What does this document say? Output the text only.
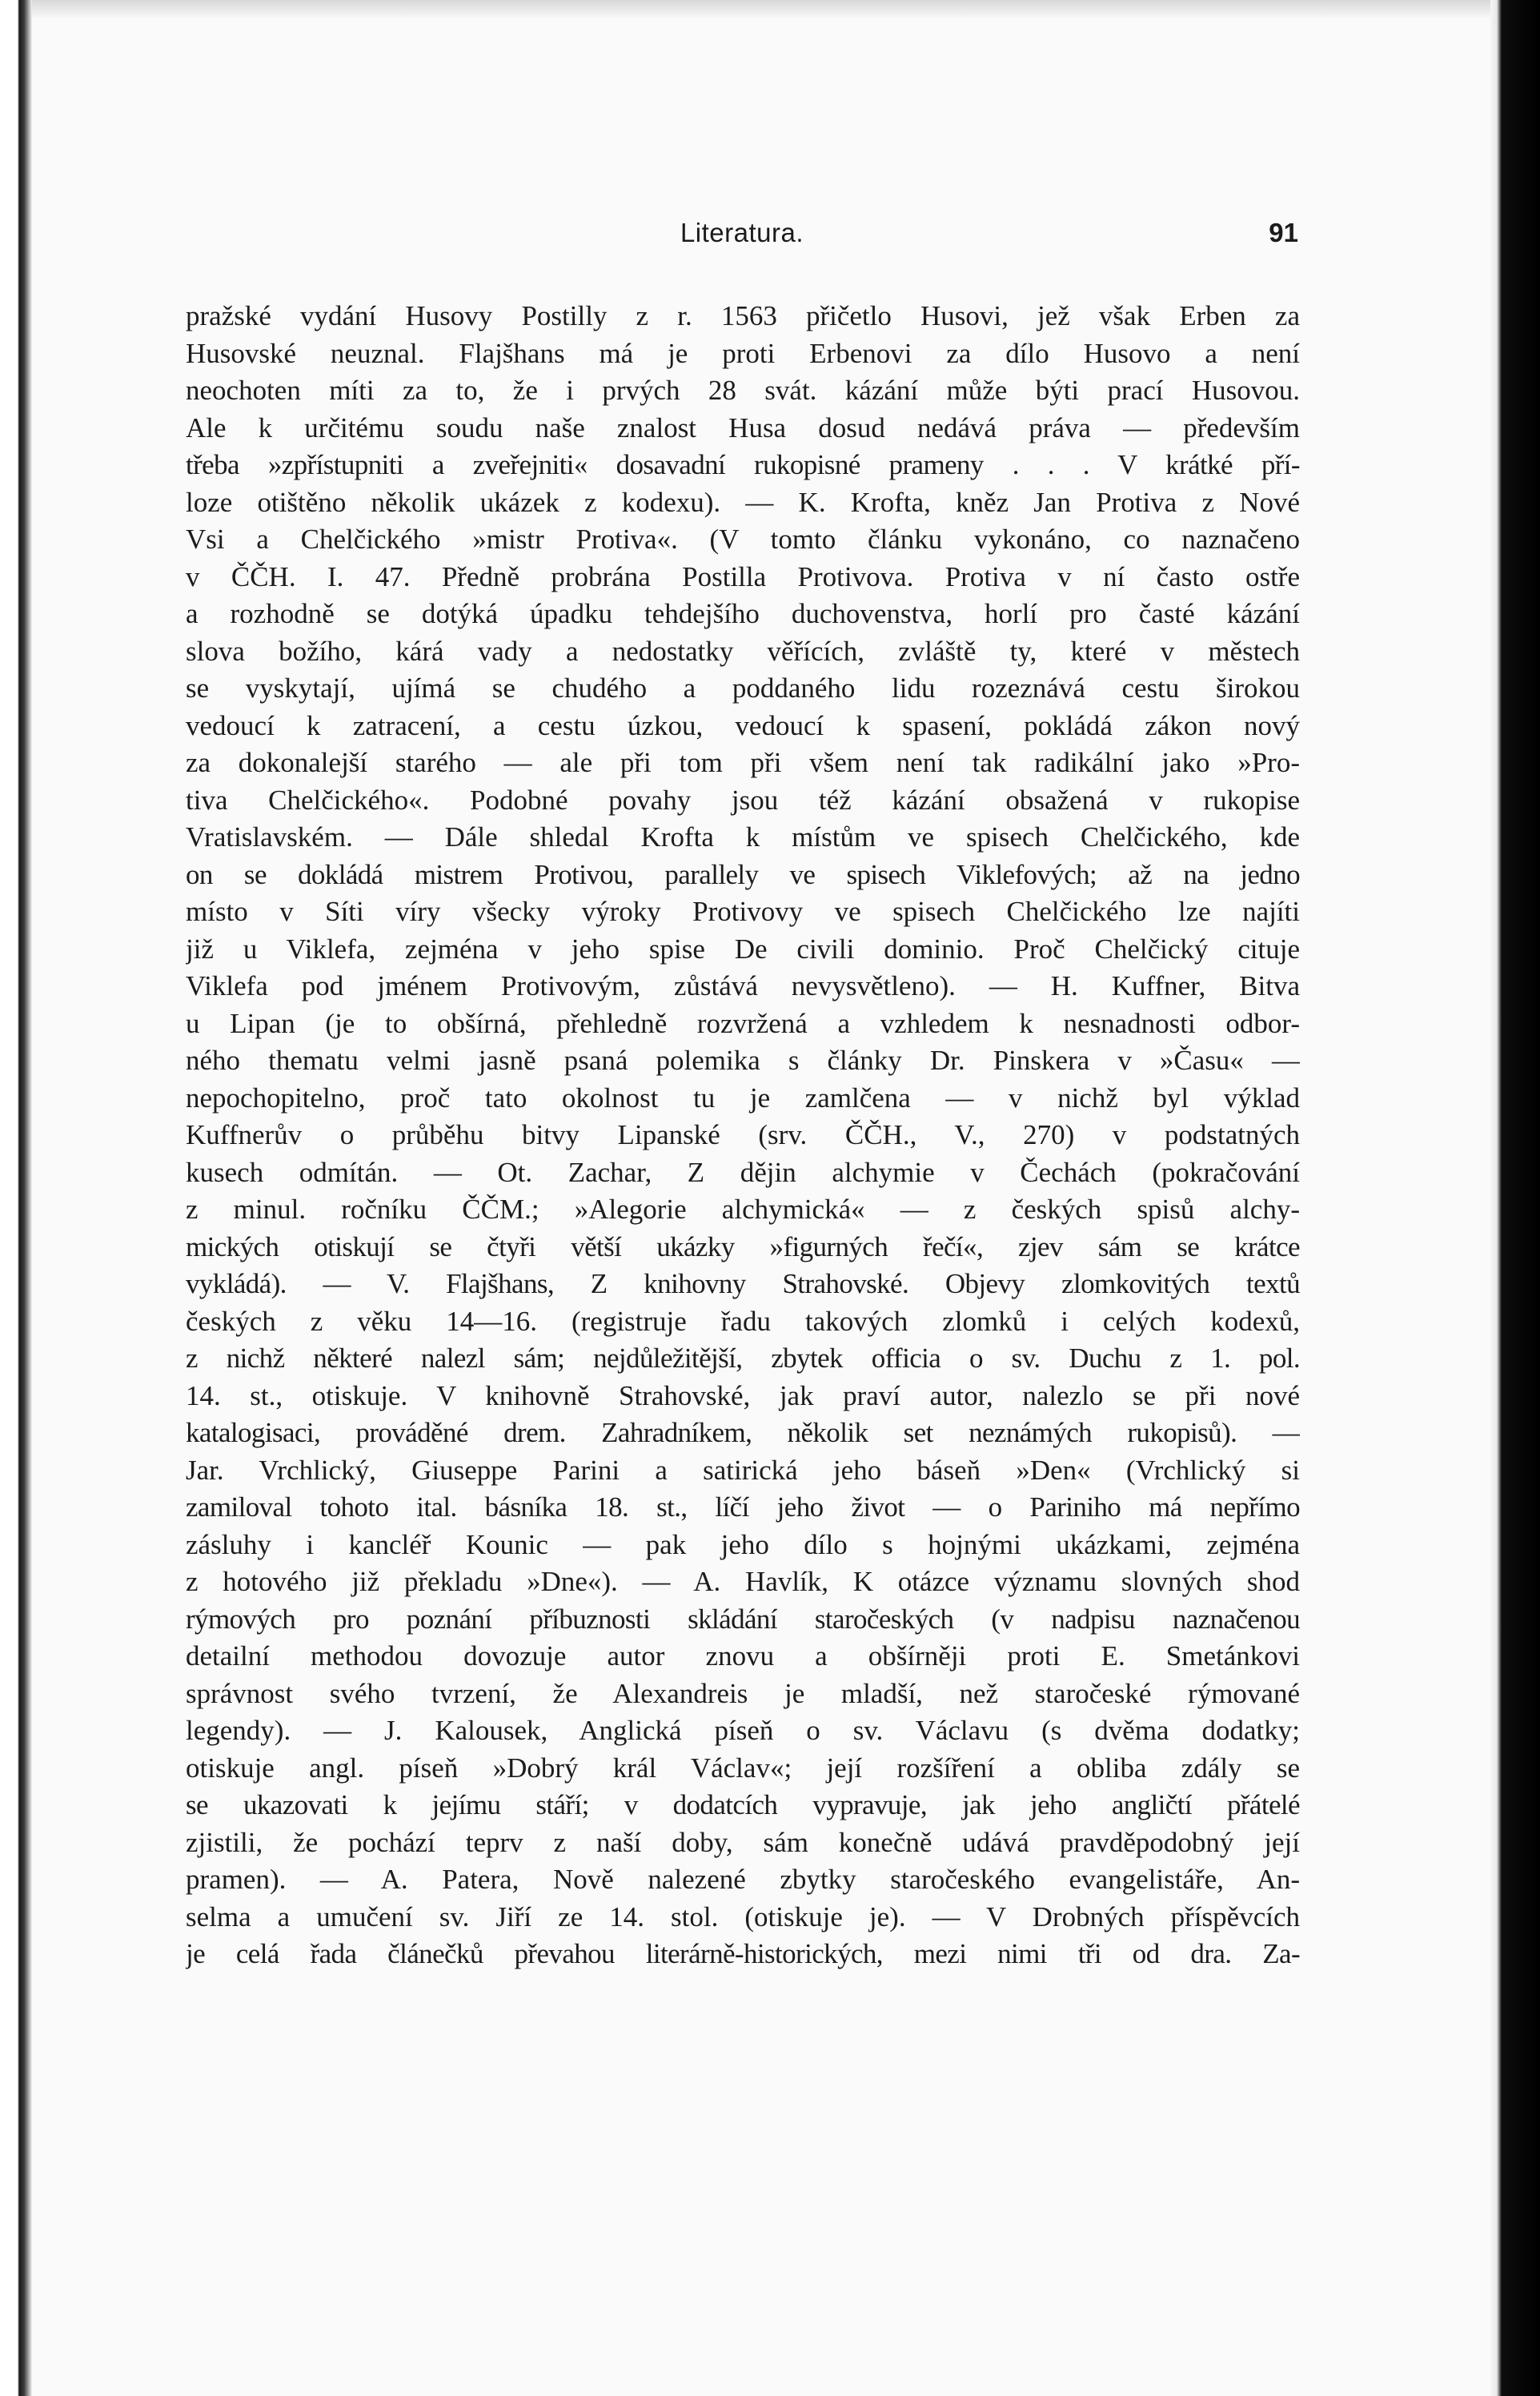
Literatura.	91
pražské vydání Husovy Postilly z r. 1563 přičetlo Husovi, jež však Erben za
Husovské neuznal. Flajšhans má je proti Erbenovi za dílo Husovo a není
neochoten míti za to, že i prvých 28 svát. kázání může býti prací Husovou.
Ale k určitému soudu naše znalost Husa dosud nedává práva — především
třeba »zpřístupniti a zveřejniti« dosavadní rukopisné prameny . . . V krátké pří-
loze otištěno několik ukázek z kodexu). — K. Krofta, kněz Jan Protiva z Nové
Vsi a Chelčického »mistr Protiva«. (V tomto článku vykonáno, co naznačeno
v ČČH. I. 47. Předně probrána Postilla Protivova. Protiva v ní často ostře
a rozhodně se dotýká úpadku tehdejšího duchovenstva, horlí pro časté kázání
slova božího, kárá vady a nedostatky věřících, zvláště ty, které v městech
se vyskytají, ujímá se chudého a poddaného lidu rozeznává cestu širokou
vedoucí k zatracení, a cestu úzkou, vedoucí k spasení, pokládá zákon nový
za dokonalejší starého — ale při tom při všem není tak radikální jako »Pro-
tiva Chelčického«. Podobné povahy jsou též kázání obsažená v rukopise
Vratislavském. — Dále shledal Krofta k místům ve spisech Chelčického, kde
on se dokládá mistrem Protivou, parallely ve spisech Viklefových; až na jedno
místo v Síti víry všecky výroky Protivovy ve spisech Chelčického lze najíti
již u Viklefa, zejména v jeho spise De civili dominio. Proč Chelčický cituje
Viklefa pod jménem Protivovým, zůstává nevysvětleno). — H. Kuffner, Bitva
u Lipan (je to obšírná, přehledně rozvržená a vzhledem k nesnadnosti odbor-
ného thematu velmi jasně psaná polemika s články Dr. Pinskera v »Času« —
nepochopitelno, proč tato okolnost tu je zamlčena — v nichž byl výklad
Kuffnerův o průběhu bitvy Lipanské (srv. ČČH., V., 270) v podstatných
kusech odmítán. — Ot. Zachar, Z dějin alchymie v Čechách (pokračování
z minul. ročníku ČČM.; »Alegorie alchymická« — z českých spisů alchy-
mických otiskují se čtyři větší ukázky »figurných řečí«, zjev sám se krátce
vykládá). — V. Flajšhans, Z knihovny Strahovské. Objevy zlomkovitých textů
českých z věku 14—16. (registruje řadu takových zlomků i celých kodexů,
z nichž některé nalezl sám; nejdůležitější, zbytek officia o sv. Duchu z 1. pol.
14. st., otiskuje. V knihovně Strahovské, jak praví autor, nalezlo se při nové
katalogisaci, prováděné drem. Zahradníkem, několik set neznámých rukopisů). —
Jar. Vrchlický, Giuseppe Parini a satirická jeho báseň »Den« (Vrchlický si
zamiloval tohoto ital. básníka 18. st., líčí jeho život — o Pariniho má nepřímo
zásluhy i kancléř Kounic — pak jeho dílo s hojnými ukázkami, zejména
z hotového již překladu »Dne«). — A. Havlík, K otázce významu slovných shod
rýmových pro poznání příbuznosti skládání staročeských (v nadpisu naznačenou
detailní methodou dovozuje autor znovu a obšírněji proti E. Smetánkovi
správnost svého tvrzení, že Alexandreis je mladší, než staročeské rýmované
legendy). — J. Kalousek, Anglická píseň o sv. Václavu (s dvěma dodatky;
otiskuje angl. píseň »Dobrý král Václav«; její rozšíření a obliba zdály se
se ukazovati k jejímu stáří; v dodatcích vypravuje, jak jeho angličtí přátelé
zjistili, že pochází teprv z naší doby, sám konečně udává pravděpodobný její
pramen). — A. Patera, Nově nalezené zbytky staročeského evangelistáře, An-
selma a umučení sv. Jiří ze 14. stol. (otiskuje je). — V Drobných příspěvcích
je celá řada článečků převahou literárně-historických, mezi nimi tři od dra. Za-
